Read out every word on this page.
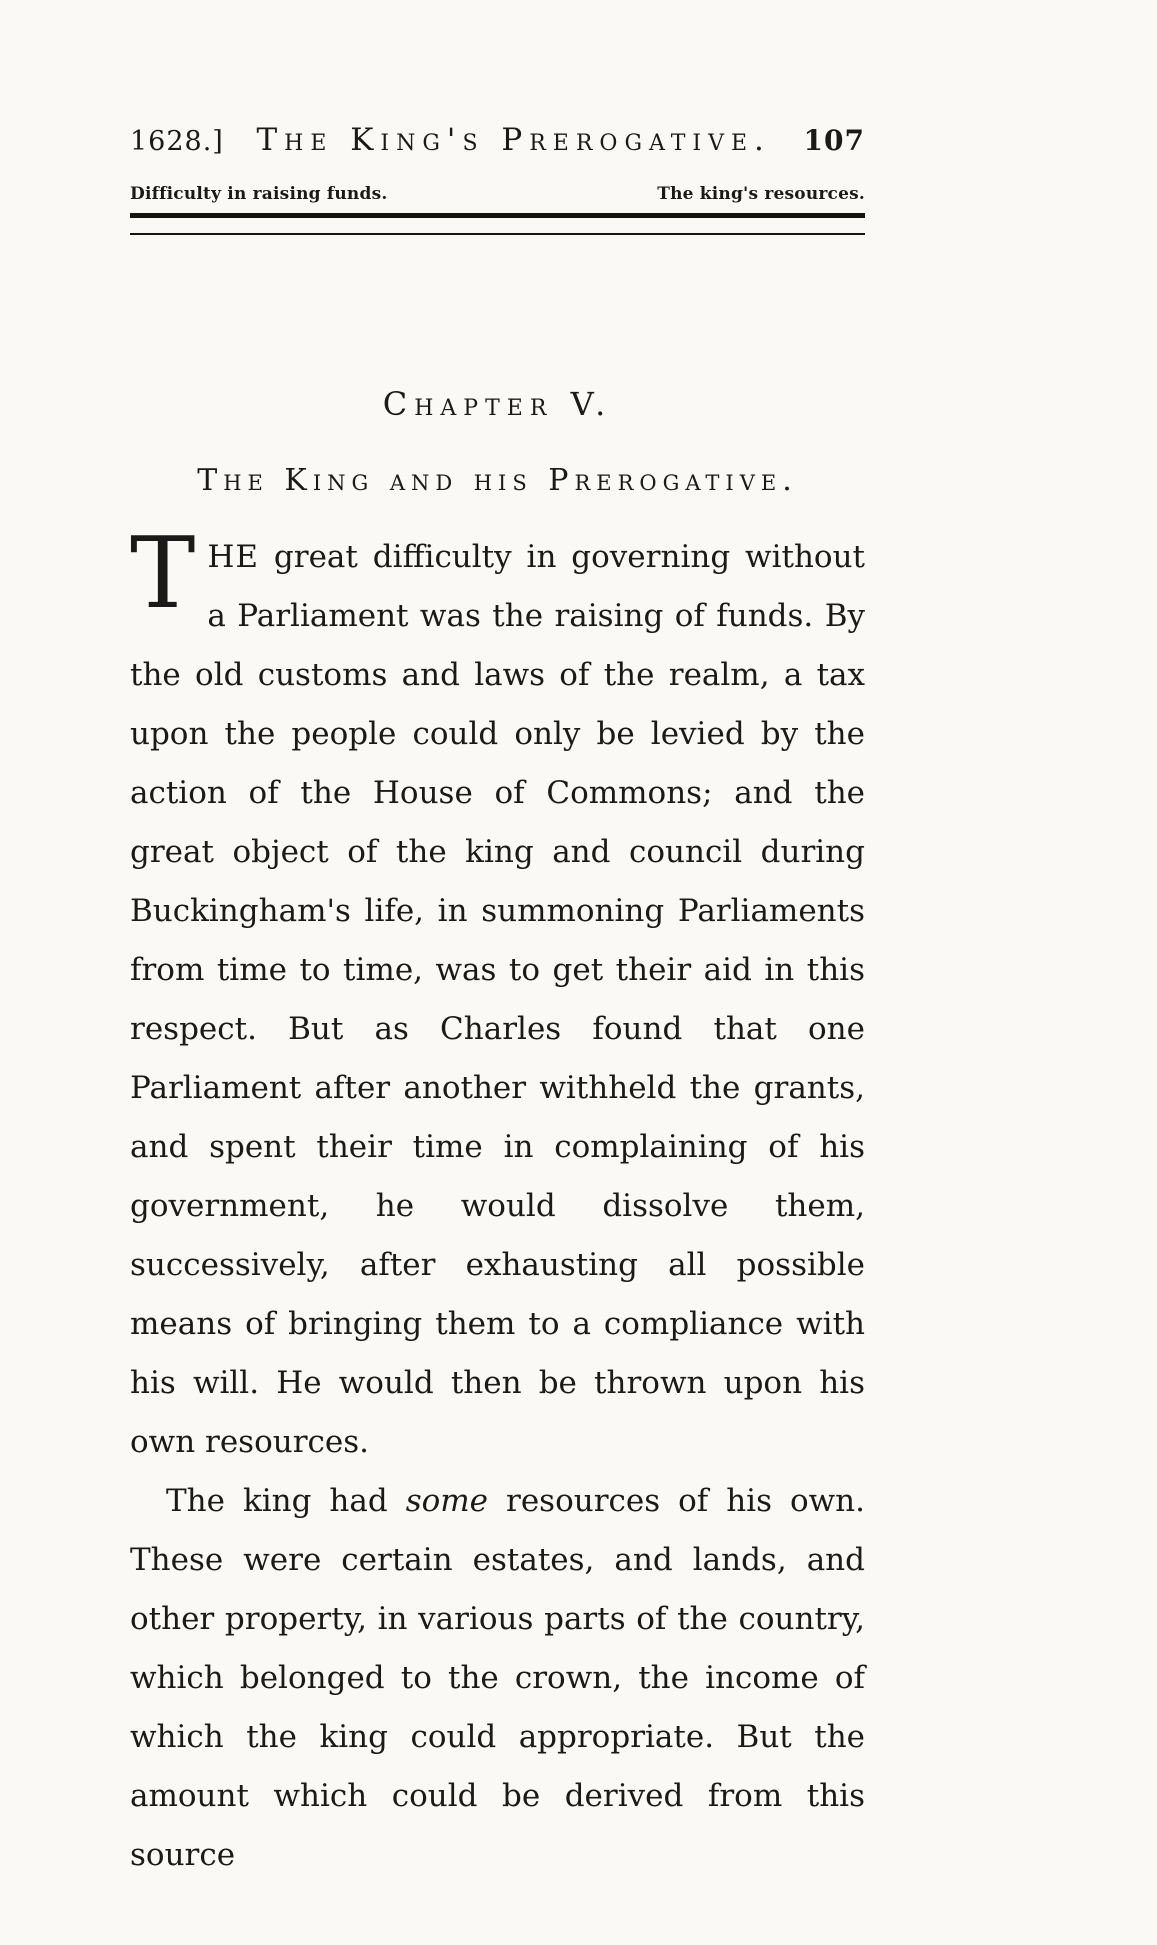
1628.] The King's Prerogative. 107
Difficulty in raising funds.	The king's resources.
Chapter V.
The King and his Prerogative.

THE great difficulty in governing without a Parliament was the raising of funds. By the old customs and laws of the realm, a tax upon the people could only be levied by the action of the House of Commons; and the great object of the king and council during Buckingham's life, in summoning Parliaments from time to time, was to get their aid in this respect. But as Charles found that one Parliament after another withheld the grants, and spent their time in complaining of his government, he would dissolve them, successively, after exhausting all possible means of bringing them to a compliance with his will. He would then be thrown upon his own resources.

The king had some resources of his own. These were certain estates, and lands, and other property, in various parts of the country, which belonged to the crown, the income of which the king could appropriate. But the amount which could be derived from this source
